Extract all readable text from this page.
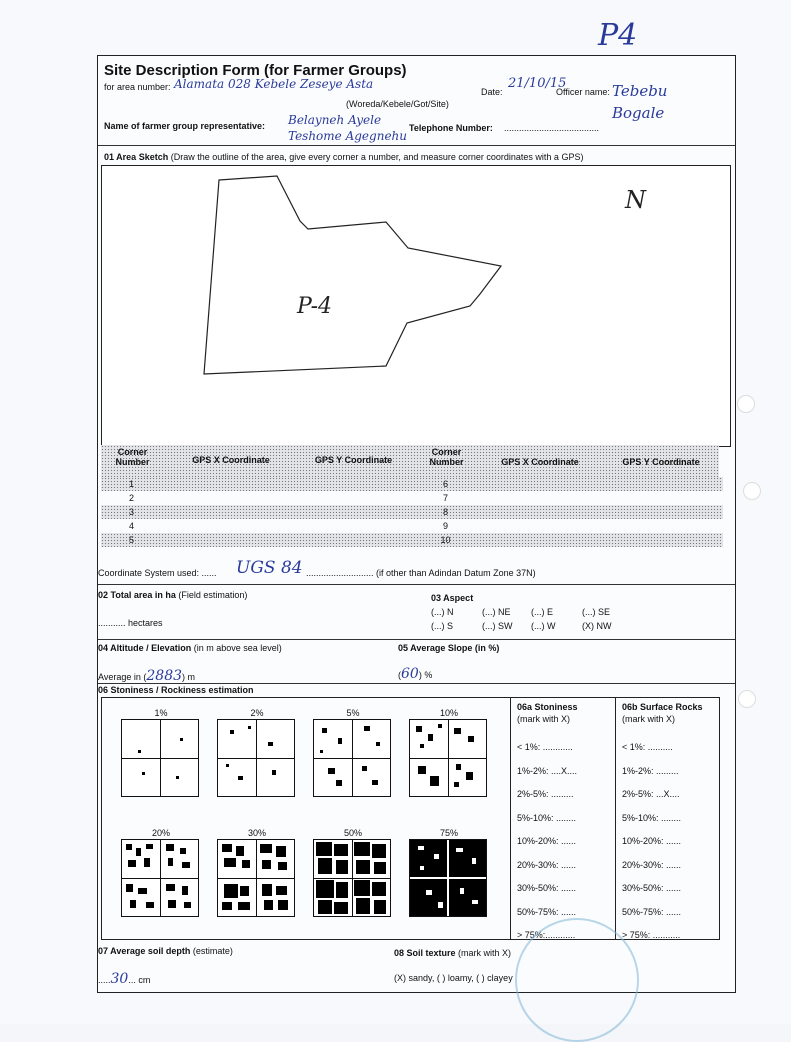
P4
Site Description Form (for Farmer Groups)
for area number: Alamata 028 Kebele Zeseye Asta
(Woreda/Kebele/Got/Site)
Date:
21/10/15
Officer name: Tebebu Bogale
Name of farmer group representative: Belayneh Ayele Teshome Agegnehu
Telephone Number: ......................................
01 Area Sketch (Draw the outline of the area, give every corner a number, and measure corner coordinates with a GPS)
P-4
N
Corner Number	GPS X Coordinate	GPS Y Coordinate
Corner Number	GPS X Coordinate	GPS Y Coordinate
1	6
2	7
3	8
4	9
5	10
Coordinate System used: ...... UGS 84 ........................... (if other than Adindan Datum Zone 37N)
02 Total area in ha (Field estimation)
........... hectares
03 Aspect
(...) N	(...) NE (...) E	(...) SE
(...) S	(...) SW (...) W	(X) NW
04 Altitude / Elevation (in m above sea level)
Average in (2883) m
05 Average Slope (in %)
(60) %
06 Stoniness / Rockiness estimation
1%	2%	5%	10%
20%	30%	50%	75%
06a Stoniness
(mark with X)
< 1%: ............
1%-2%: ....X....
2%-5%: .........
5%-10%: ........
10%-20%: ......
20%-30%: ......
30%-50%: ......
50%-75%: ......
> 75%:............
06b Surface Rocks
(mark with X)
< 1%: ..........
1%-2%: .........
2%-5%: ...X....
5%-10%: ........
10%-20%: ......
20%-30%: ......
30%-50%: ......
50%-75%: ......
> 75%: ...........
07 Average soil depth (estimate)
.....30... cm
08 Soil texture (mark with X)
(X) sandy, ( ) loamy, ( ) clayey
